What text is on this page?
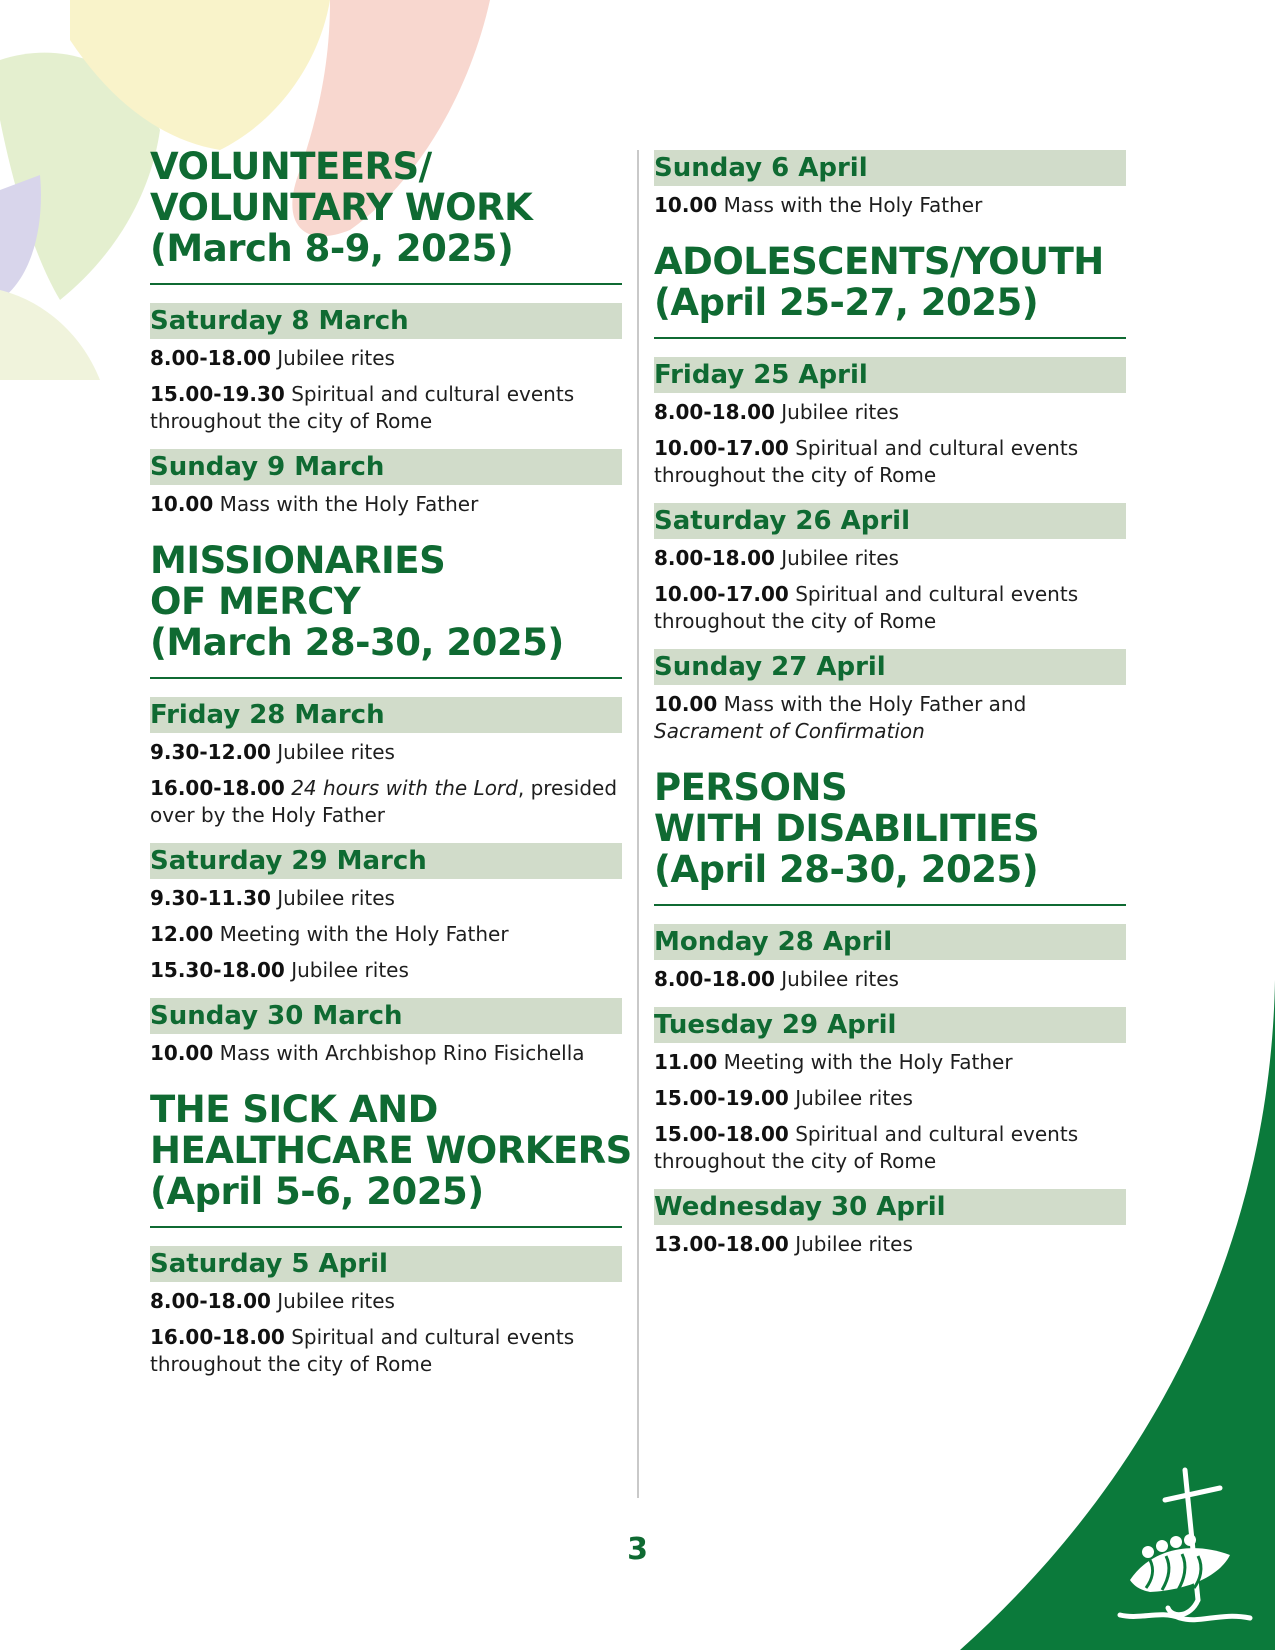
VOLUNTEERS/
VOLUNTARY WORK
(March 8-9, 2025)
Saturday 8 March
8.00-18.00 Jubilee rites
15.00-19.30 Spiritual and cultural events throughout the city of Rome
Sunday 9 March
10.00 Mass with the Holy Father
MISSIONARIES
OF MERCY
(March 28-30, 2025)
Friday 28 March
9.30-12.00 Jubilee rites
16.00-18.00 24 hours with the Lord, presided over by the Holy Father
Saturday 29 March
9.30-11.30 Jubilee rites
12.00 Meeting with the Holy Father
15.30-18.00 Jubilee rites
Sunday 30 March
10.00 Mass with Archbishop Rino Fisichella
THE SICK AND
HEALTHCARE WORKERS
(April 5-6, 2025)
Saturday 5 April
8.00-18.00 Jubilee rites
16.00-18.00 Spiritual and cultural events throughout the city of Rome
Sunday 6 April
10.00 Mass with the Holy Father
ADOLESCENTS/YOUTH
(April 25-27, 2025)
Friday 25 April
8.00-18.00 Jubilee rites
10.00-17.00 Spiritual and cultural events throughout the city of Rome
Saturday 26 April
8.00-18.00 Jubilee rites
10.00-17.00 Spiritual and cultural events throughout the city of Rome
Sunday 27 April
10.00 Mass with the Holy Father and
Sacrament of Confirmation
PERSONS
WITH DISABILITIES
(April 28-30, 2025)
Monday 28 April
8.00-18.00 Jubilee rites
Tuesday 29 April
11.00 Meeting with the Holy Father
15.00-19.00 Jubilee rites
15.00-18.00 Spiritual and cultural events throughout the city of Rome
Wednesday 30 April
13.00-18.00 Jubilee rites
3
